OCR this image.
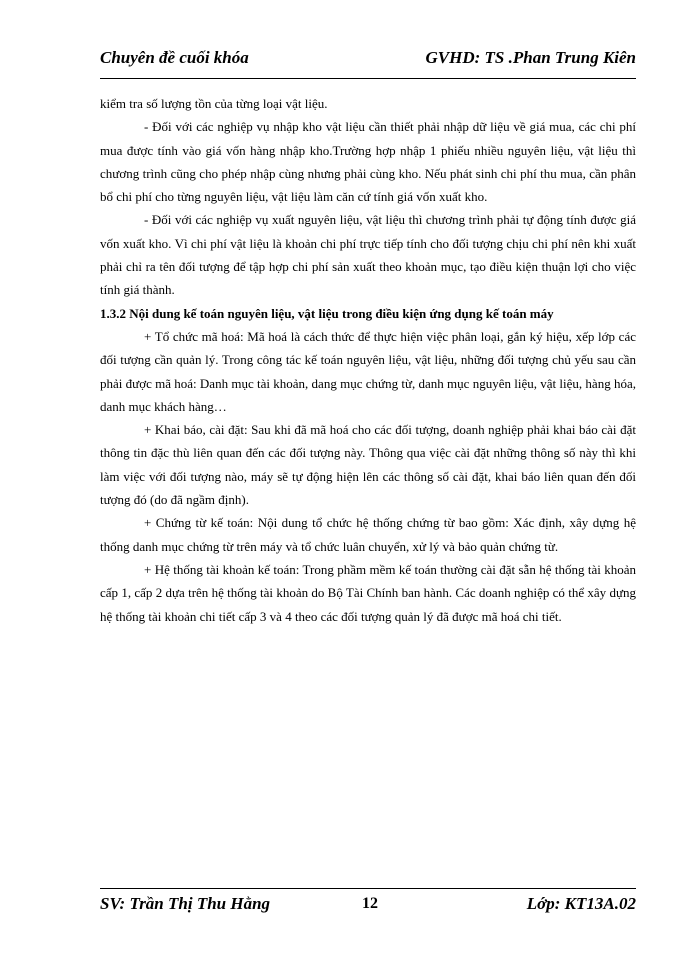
Chuyên đề cuối khóa	GVHD: TS .Phan Trung Kiên

kiểm tra số lượng tồn của từng loại vật liệu.

- Đối với các nghiệp vụ nhập kho vật liệu cần thiết phải nhập dữ liệu về giá mua, các chi phí mua được tính vào giá vốn hàng nhập kho.Trường hợp nhập 1 phiếu nhiều nguyên liệu, vật liệu thì chương trình cũng cho phép nhập cùng nhưng phải cùng kho. Nếu phát sinh chi phí thu mua, cần phân bổ chi phí cho từng nguyên liệu, vật liệu làm căn cứ tính giá vốn xuất kho.

- Đối với các nghiệp vụ xuất nguyên liệu, vật liệu thì chương trình phải tự động tính được giá vốn xuất kho. Vì chi phí vật liệu là khoản chi phí trực tiếp tính cho đối tượng chịu chi phí nên khi xuất phải chỉ ra tên đối tượng để tập hợp chi phí sản xuất theo khoản mục, tạo điều kiện thuận lợi cho việc tính giá thành.

1.3.2 Nội dung kế toán nguyên liệu, vật liệu trong điều kiện ứng dụng kế toán máy

+ Tổ chức mã hoá: Mã hoá là cách thức để thực hiện việc phân loại, gắn ký hiệu, xếp lớp các đối tượng cần quản lý. Trong công tác kế toán nguyên liệu, vật liệu, những đối tượng chủ yếu sau cần phải được mã hoá: Danh mục tài khoản, dang mục chứng từ, danh mục nguyên liệu, vật liệu, hàng hóa, danh mục khách hàng…

+ Khai báo, cài đặt: Sau khi đã mã hoá cho các đối tượng, doanh nghiệp phải khai báo cài đặt thông tin đặc thù liên quan đến các đối tượng này. Thông qua việc cài đặt những thông số này thì khi làm việc với đối tượng nào, máy sẽ tự động hiện lên các thông số cài đặt, khai báo liên quan đến đối tượng đó (do đã ngầm định).

+ Chứng từ kế toán: Nội dung tổ chức hệ thống chứng từ bao gồm: Xác định, xây dựng hệ thống danh mục chứng từ trên máy và tổ chức luân chuyển, xử lý và bảo quản chứng từ.

+ Hệ thống tài khoản kế toán: Trong phầm mềm kế toán thường cài đặt sẵn hệ thống tài khoản cấp 1, cấp 2 dựa trên hệ thống tài khoản do Bộ Tài Chính ban hành. Các doanh nghiệp có thể xây dựng hệ thống tài khoản chi tiết cấp 3 và 4 theo các đối tượng quản lý đã được mã hoá chi tiết.

SV: Trần Thị Thu Hằng	12	Lớp: KT13A.02
